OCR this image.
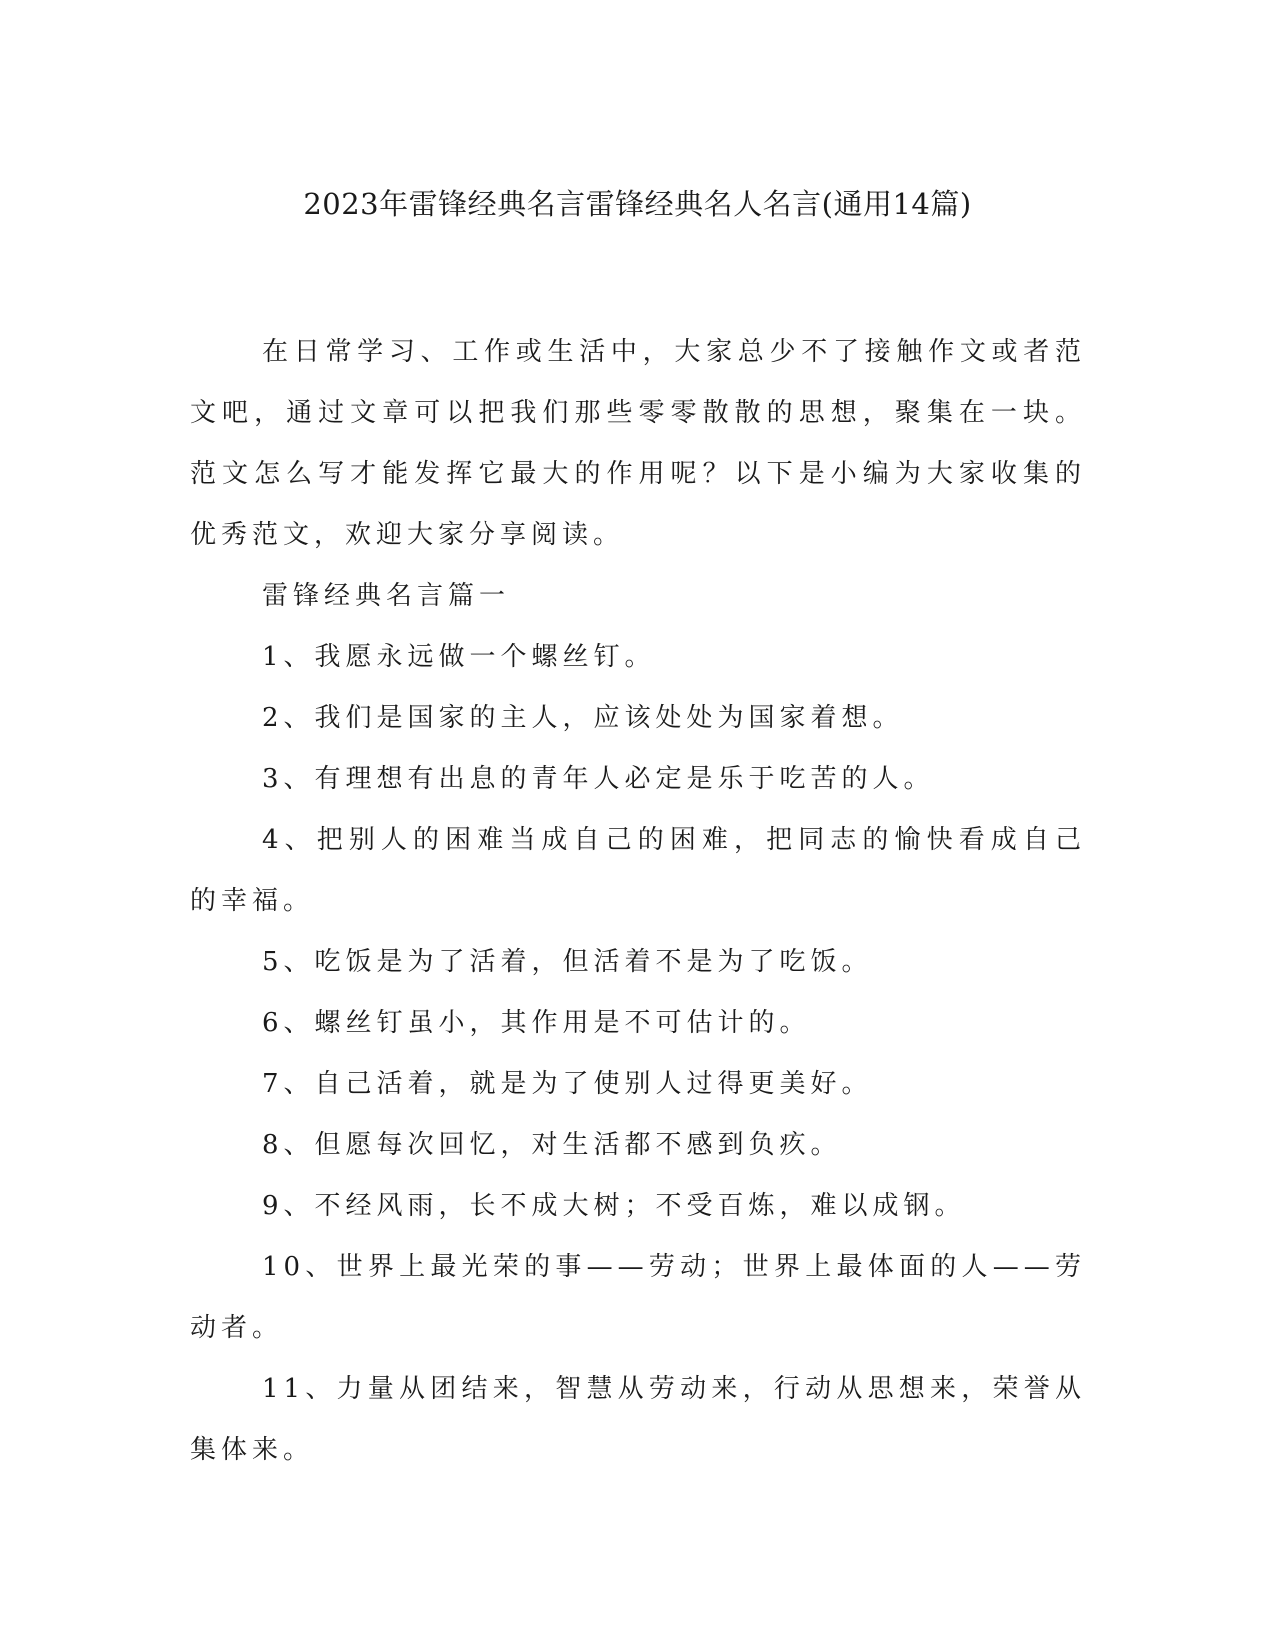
2023年雷锋经典名言雷锋经典名人名言(通用14篇)

在日常学习、工作或生活中，大家总少不了接触作文或者范文吧，通过文章可以把我们那些零零散散的思想，聚集在一块。范文怎么写才能发挥它最大的作用呢？以下是小编为大家收集的优秀范文，欢迎大家分享阅读。

雷锋经典名言篇一

1、我愿永远做一个螺丝钉。

2、我们是国家的主人，应该处处为国家着想。

3、有理想有出息的青年人必定是乐于吃苦的人。

4、把别人的困难当成自己的困难，把同志的愉快看成自己的幸福。

5、吃饭是为了活着，但活着不是为了吃饭。

6、螺丝钉虽小，其作用是不可估计的。

7、自己活着，就是为了使别人过得更美好。

8、但愿每次回忆，对生活都不感到负疚。

9、不经风雨，长不成大树；不受百炼，难以成钢。

10、世界上最光荣的事——劳动；世界上最体面的人——劳动者。

11、力量从团结来，智慧从劳动来，行动从思想来，荣誉从集体来。
